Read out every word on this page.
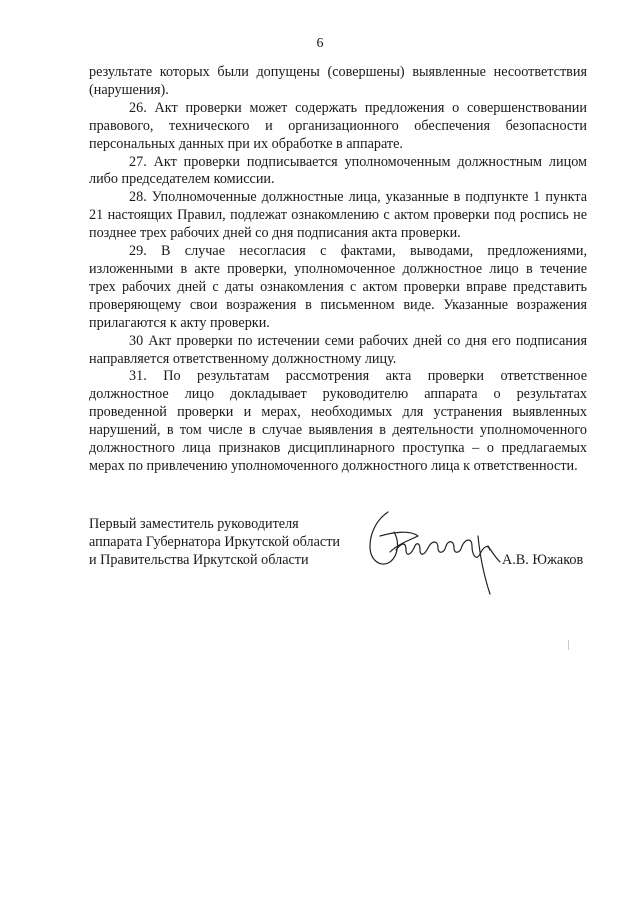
6

результате которых были допущены (совершены) выявленные несоответствия (нарушения).

26. Акт проверки может содержать предложения о совершенствовании правового, технического и организационного обеспечения безопасности персональных данных при их обработке в аппарате.

27. Акт проверки подписывается уполномоченным должностным лицом либо председателем комиссии.

28. Уполномоченные должностные лица, указанные в подпункте 1 пункта 21 настоящих Правил, подлежат ознакомлению с актом проверки под роспись не позднее трех рабочих дней со дня подписания акта проверки.

29. В случае несогласия с фактами, выводами, предложениями, изложенными в акте проверки, уполномоченное должностное лицо в течение трех рабочих дней с даты ознакомления с актом проверки вправе представить проверяющему свои возражения в письменном виде. Указанные возражения прилагаются к акту проверки.

30 Акт проверки по истечении семи рабочих дней со дня его подписания направляется ответственному должностному лицу.

31. По результатам рассмотрения акта проверки ответственное должностное лицо докладывает руководителю аппарата о результатах проведенной проверки и мерах, необходимых для устранения выявленных нарушений, в том числе в случае выявления в деятельности уполномоченного должностного лица признаков дисциплинарного проступка – о предлагаемых мерах по привлечению уполномоченного должностного лица к ответственности.

Первый заместитель руководителя
аппарата Губернатора Иркутской области
и Правительства Иркутской области	А.В. Южаков
